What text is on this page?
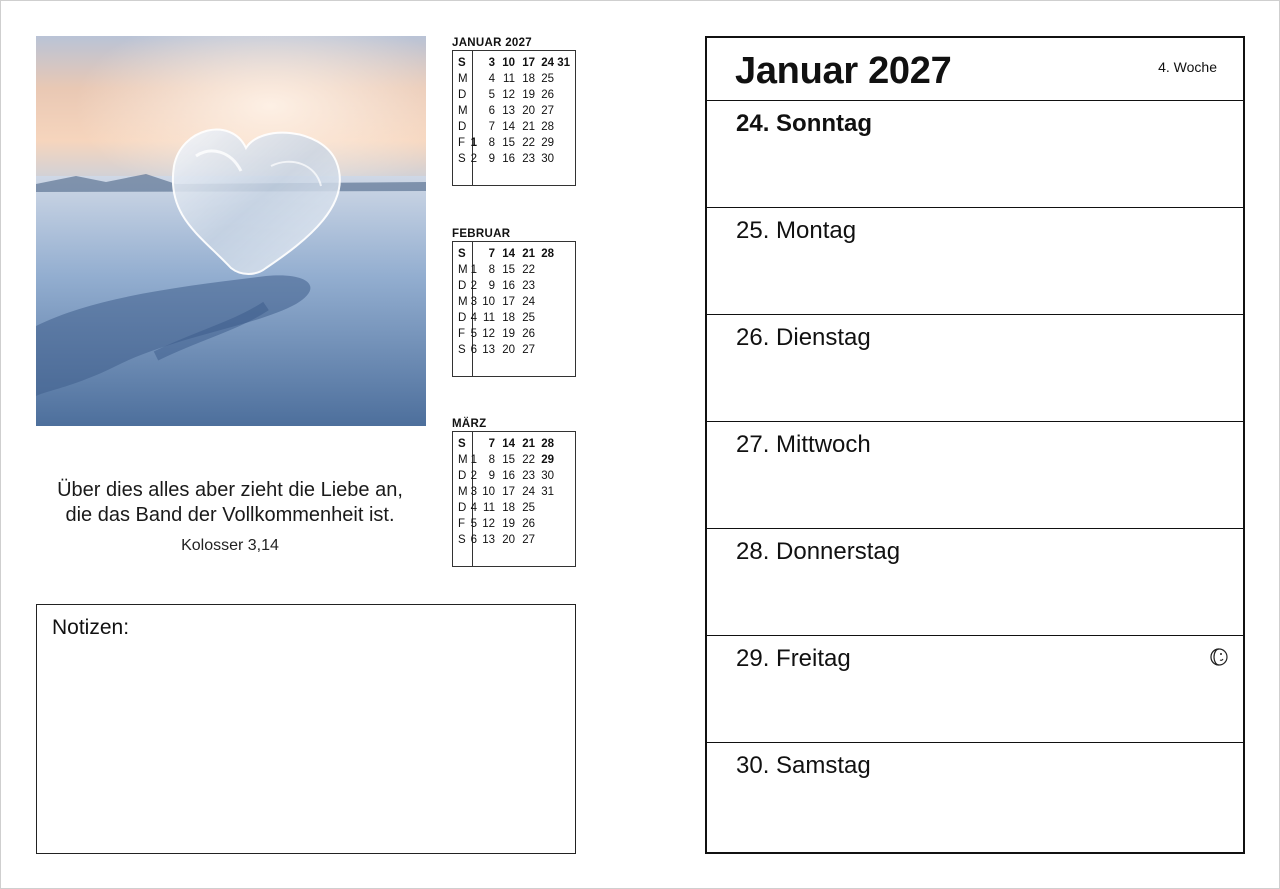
Über dies alles aber zieht die Liebe an,
die das Band der Vollkommenheit ist.
Kolosser 3,14
Notizen:
JANUAR 2027
S	3 10 17 24 31
M	4 11 18 25
D	5 12 19 26
M	6 13 20 27
D	7 14 21 28
F 1	8 15 22 29
S 2	9 16 23 30
FEBRUAR
S	7 14 21 28
M 1	8 15 22
D 2	9 16 23
M 3 10 17 24
D 4 11 18 25
F 5 12 19 26
S 6 13 20 27
MÄRZ
S	7 14 21 28
M 1	8 15 22 29
D 2	9 16 23 30
M 3 10 17 24 31
D 4 11 18 25
F 5 12 19 26
S 6 13 20 27
Januar 2027	4. Woche
24. Sonntag
25. Montag
26. Dienstag
27. Mittwoch
28. Donnerstag
29. Freitag
30. Samstag
